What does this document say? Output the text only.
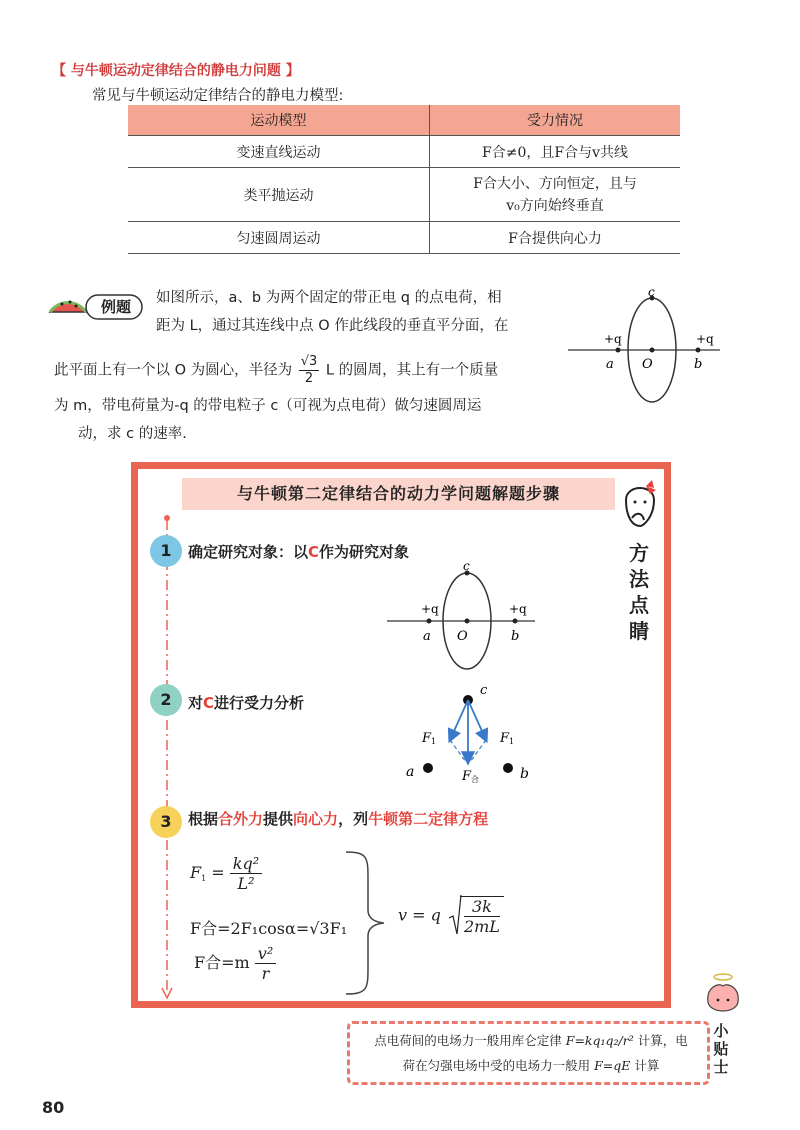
【 与牛顿运动定律结合的静电力问题 】
常见与牛顿运动定律结合的静电力模型:
运动模型	受力情况
变速直线运动	F合≠0，且F合与v共线
类平抛运动	F合大小、方向恒定，且与v₀方向始终垂直
匀速圆周运动	F合提供向心力
例题	如图所示，a、b 为两个固定的带正电 q 的点电荷，相
距为 L，通过其连线中点 O 作此线段的垂直平分面，在
此平面上有一个以 O 为圆心，半径为 $\frac{√3}{2}$ L 的圆周，其上有一个质量
为 m，带电荷量为-q 的带电粒子 c（可视为点电荷）做匀速圆周运
动，求 c 的速率.
c
+q	+q
a O	b
与牛顿第二定律结合的动力学问题解题步骤
方
法
点
睛
1	确定研究对象：以C作为研究对象
c
+q	+q
a O	b
2	对C进行受力分析
c
a	b
F 1	F 1
F 合
3	根据合外力提供向心力，列牛顿第二定律方程
$F_1 = \frac{\text{kq²}}{\text{L²}}$
F合=2F₁cosα=√3F₁
F合$=m \frac{\text{v²}}{r}$
v = q $\frac{3k}{2mL}$
点电荷间的电场力一般用库仑定律 F=kq₁q₂/r² 计算，电
荷在匀强电场中受的电场力一般用 F=qE 计算
小
贴
士
80
